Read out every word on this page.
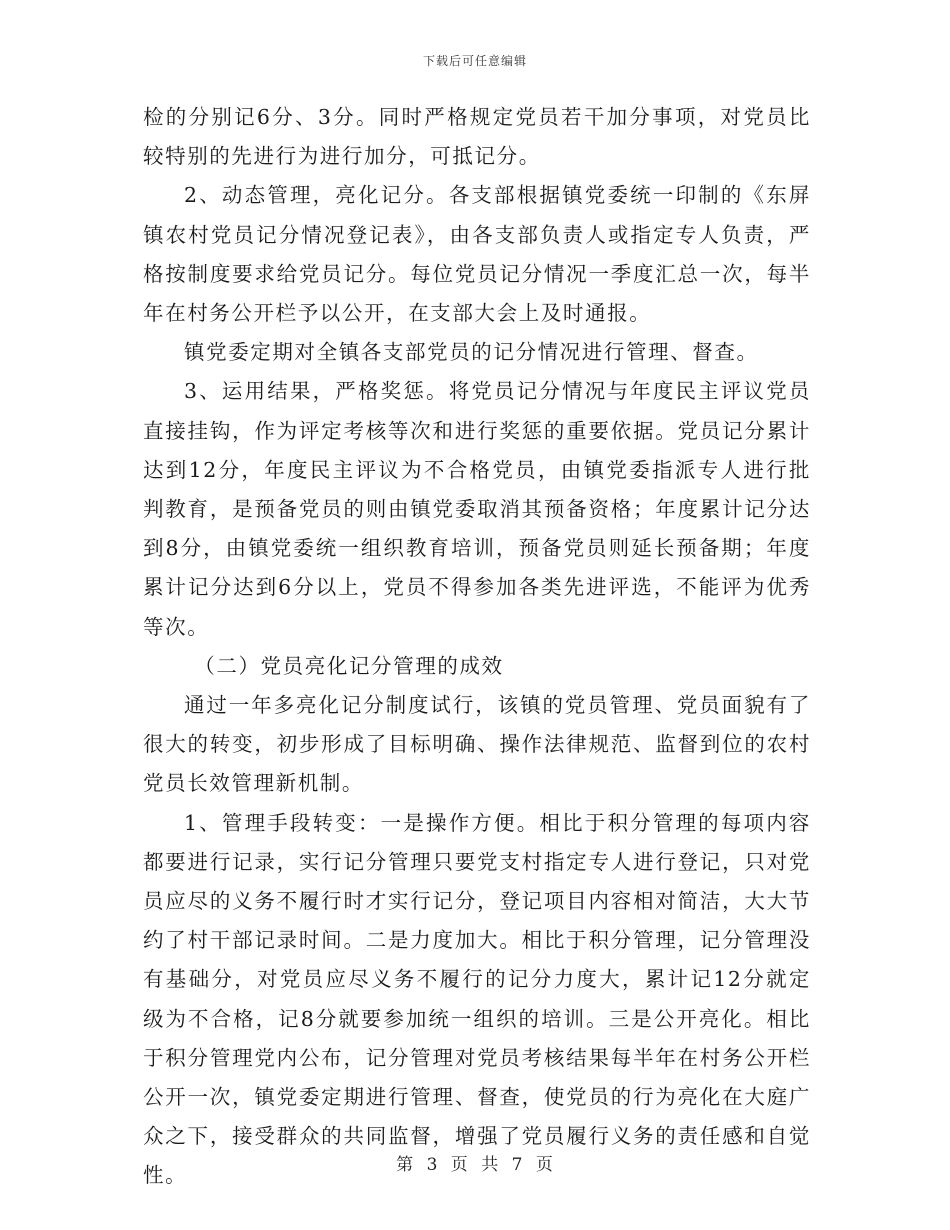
下载后可任意编辑

检的分别记6分、3分。同时严格规定党员若干加分事项，对党员比较特别的先进行为进行加分，可抵记分。

2、动态管理，亮化记分。各支部根据镇党委统一印制的《东屏镇农村党员记分情况登记表》，由各支部负责人或指定专人负责，严格按制度要求给党员记分。每位党员记分情况一季度汇总一次，每半年在村务公开栏予以公开，在支部大会上及时通报。

镇党委定期对全镇各支部党员的记分情况进行管理、督查。

3、运用结果，严格奖惩。将党员记分情况与年度民主评议党员直接挂钩，作为评定考核等次和进行奖惩的重要依据。党员记分累计达到12分，年度民主评议为不合格党员，由镇党委指派专人进行批判教育，是预备党员的则由镇党委取消其预备资格；年度累计记分达到8分，由镇党委统一组织教育培训，预备党员则延长预备期；年度累计记分达到6分以上，党员不得参加各类先进评选，不能评为优秀等次。

（二）党员亮化记分管理的成效

通过一年多亮化记分制度试行，该镇的党员管理、党员面貌有了很大的转变，初步形成了目标明确、操作法律规范、监督到位的农村党员长效管理新机制。

1、管理手段转变：一是操作方便。相比于积分管理的每项内容都要进行记录，实行记分管理只要党支村指定专人进行登记，只对党员应尽的义务不履行时才实行记分，登记项目内容相对简洁，大大节约了村干部记录时间。二是力度加大。相比于积分管理，记分管理没有基础分，对党员应尽义务不履行的记分力度大，累计记12分就定级为不合格，记8分就要参加统一组织的培训。三是公开亮化。相比于积分管理党内公布，记分管理对党员考核结果每半年在村务公开栏公开一次，镇党委定期进行管理、督查，使党员的行为亮化在大庭广众之下，接受群众的共同监督，增强了党员履行义务的责任感和自觉性。	第 3 页 共 7 页
